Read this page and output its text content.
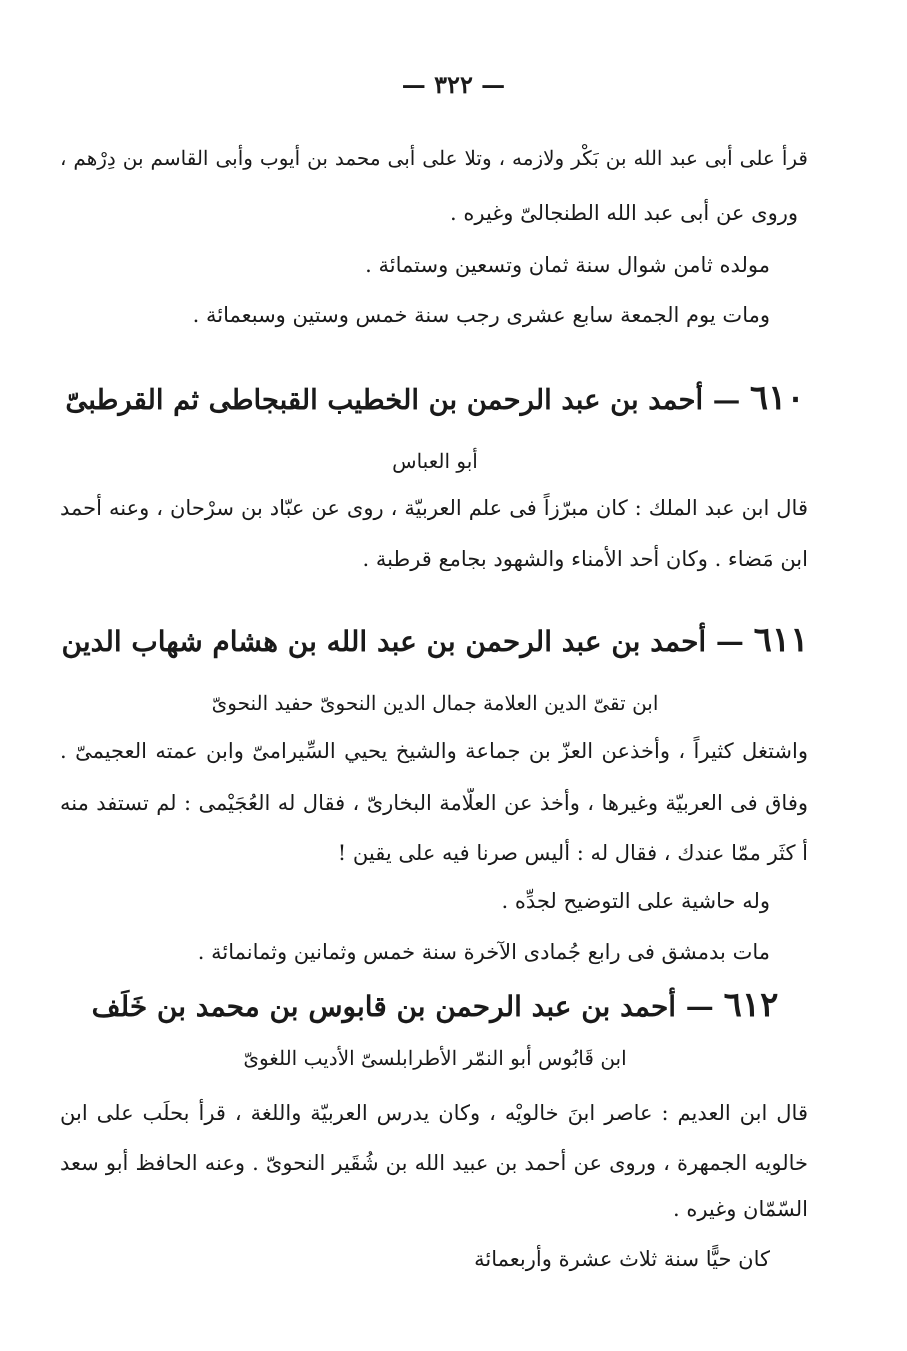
— ٣٢٢ —
قرأ على أبى عبد الله بن بَكْر ولازمه ، وتلا على أبى محمد بن أيوب وأبى القاسم بن دِرْهم ،
وروى عن أبى عبد الله الطنجالىّ وغيره .
مولده ثامن شوال سنة ثمان وتسعين وستمائة .
ومات يوم الجمعة سابع عشرى رجب سنة خمس وستين وسبعمائة .
٦١٠ — أحمد بن عبد الرحمن بن الخطيب القبجاطى ثم القرطبىّ
أبو العباس
قال ابن عبد الملك : كان مبرّزاً فى علم العربيّة ، روى عن عبّاد بن سرْحان ، وعنه أحمد
ابن مَضاء . وكان أحد الأمناء والشهود بجامع قرطبة .
٦١١ — أحمد بن عبد الرحمن بن عبد الله بن هشام شهاب الدين
ابن تقىّ الدين العلامة جمال الدين النحوىّ حفيد النحوىّ
واشتغل كثيراً ، وأخذعن العزّ بن جماعة والشيخ يحيي السِّيرامىّ وابن عمته العجيمىّ .
وفاق فى العربيّة وغيرها ، وأخذ عن العلّامة البخارىّ ، فقال له العُجَيْمى : لم تستفد منه
أ كثَر ممّا عندك ، فقال له : أليس صرنا فيه على يقين !
وله حاشية على التوضيح لجدِّه .
مات بدمشق فى رابع جُمادى الآخرة سنة خمس وثمانين وثمانمائة .
٦١٢ — أحمد بن عبد الرحمن بن قابوس بن محمد بن خَلَف
ابن قَابُوس أبو النمّر الأطرابلسىّ الأديب اللغوىّ
قال ابن العديم : عاصر ابنَ خالويْه ، وكان يدرس العربيّة واللغة ، قرأ بحلَب على ابن
خالويه الجمهرة ، وروى عن أحمد بن عبيد الله بن شُقَير النحوىّ . وعنه الحافظ أبو سعد
السّمّان وغيره .
كان حيًّا سنة ثلاث عشرة وأربعمائة
